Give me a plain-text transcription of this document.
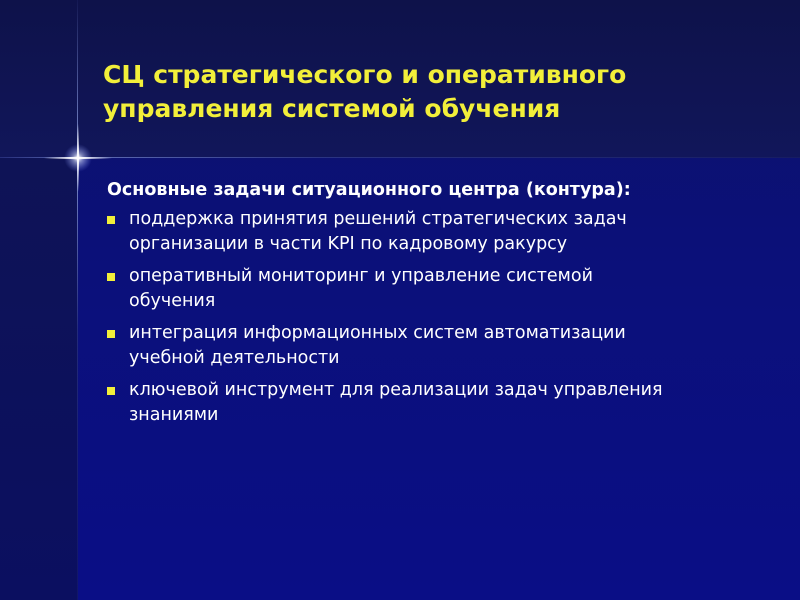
СЦ стратегического и оперативного
управления системой обучения
Основные задачи ситуационного центра (контура):
поддержка принятия решений стратегических задач
организации в части KPI по кадровому ракурсу
оперативный мониторинг и управление системой
обучения
интеграция информационных систем автоматизации
учебной деятельности
ключевой инструмент для реализации задач управления
знаниями
